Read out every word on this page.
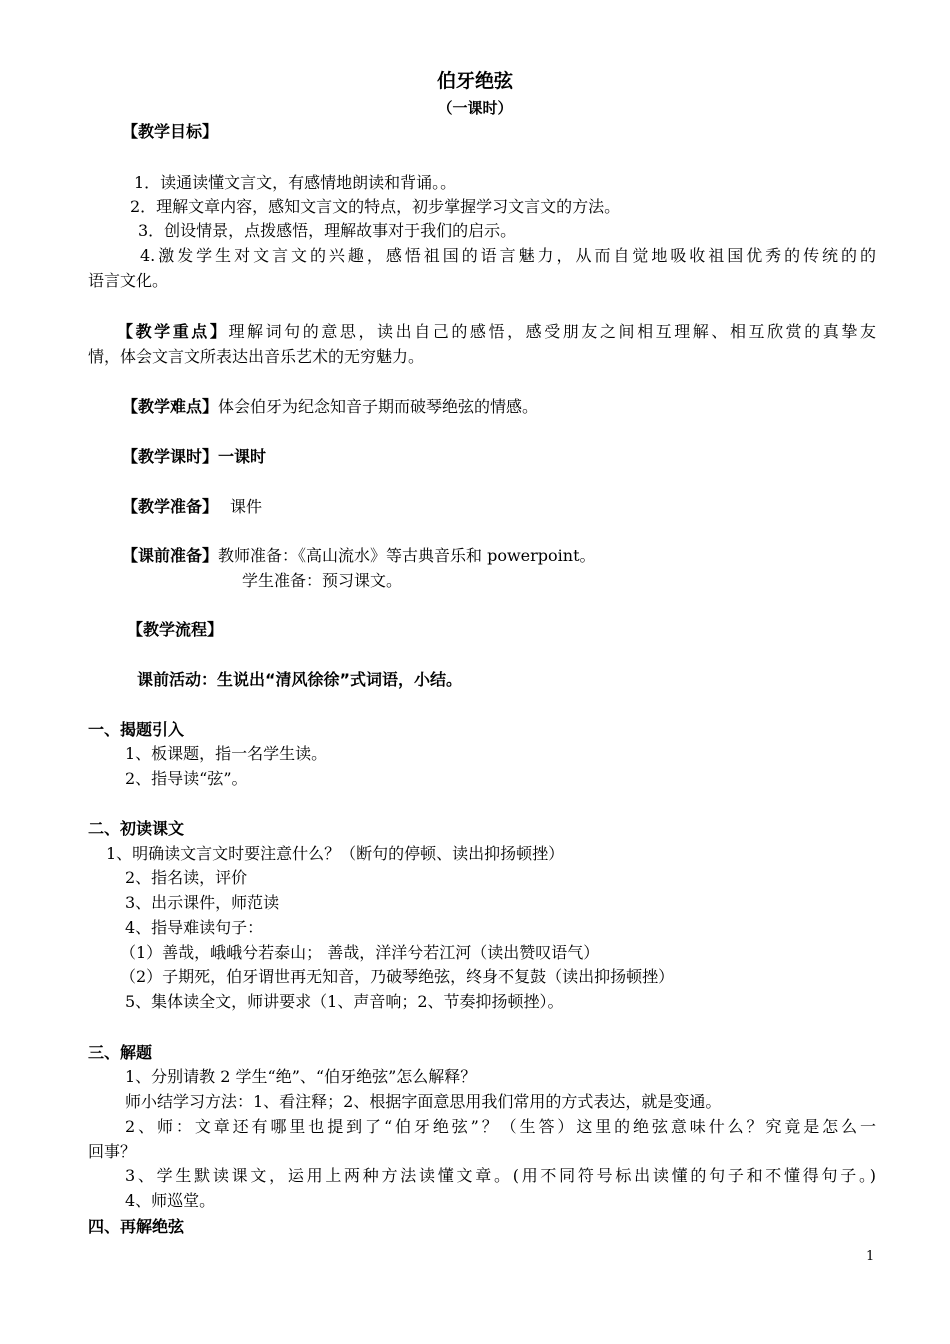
伯牙绝弦
（一课时）
【教学目标】
1．读通读懂文言文，有感情地朗读和背诵。。
2．理解文章内容，感知文言文的特点，初步掌握学习文言文的方法。
3．创设情景，点拨感悟，理解故事对于我们的启示。
4.激发学生对文言文的兴趣，感悟祖国的语言魅力，从而自觉地吸收祖国优秀的传统的的
语言文化。
【教学重点】理解词句的意思，读出自己的感悟，感受朋友之间相互理解、相互欣赏的真挚友
情，体会文言文所表达出音乐艺术的无穷魅力。
【教学难点】体会伯牙为纪念知音子期而破琴绝弦的情感。
【教学课时】一课时
【教学准备】 课件
【课前准备】教师准备：《高山流水》等古典音乐和 powerpoint。
学生准备：预习课文。
【教学流程】
课前活动：生说出“清风徐徐”式词语，小结。
一、揭题引入
1、板课题，指一名学生读。
2、指导读“弦”。
二、初读课文
1、明确读文言文时要注意什么？（断句的停顿、读出抑扬顿挫）
2、指名读，评价
3、出示课件，师范读
4、指导难读句子：
（1）善哉，峨峨兮若泰山； 善哉，洋洋兮若江河（读出赞叹语气）
（2）子期死，伯牙谓世再无知音，乃破琴绝弦，终身不复鼓（读出抑扬顿挫）
5、集体读全文，师讲要求（1、声音响；2、节奏抑扬顿挫）。
三、解题
1、分别请教 2 学生“绝”、“伯牙绝弦”怎么解释？
师小结学习方法：1、看注释；2、根据字面意思用我们常用的方式表达，就是变通。
2、师：文章还有哪里也提到了“伯牙绝弦”？（生答）这里的绝弦意味什么？究竟是怎么一
回事？
3、学生默读课文，运用上两种方法读懂文章。(用不同符号标出读懂的句子和不懂得句子。)
4、师巡堂。
四、再解绝弦
1
